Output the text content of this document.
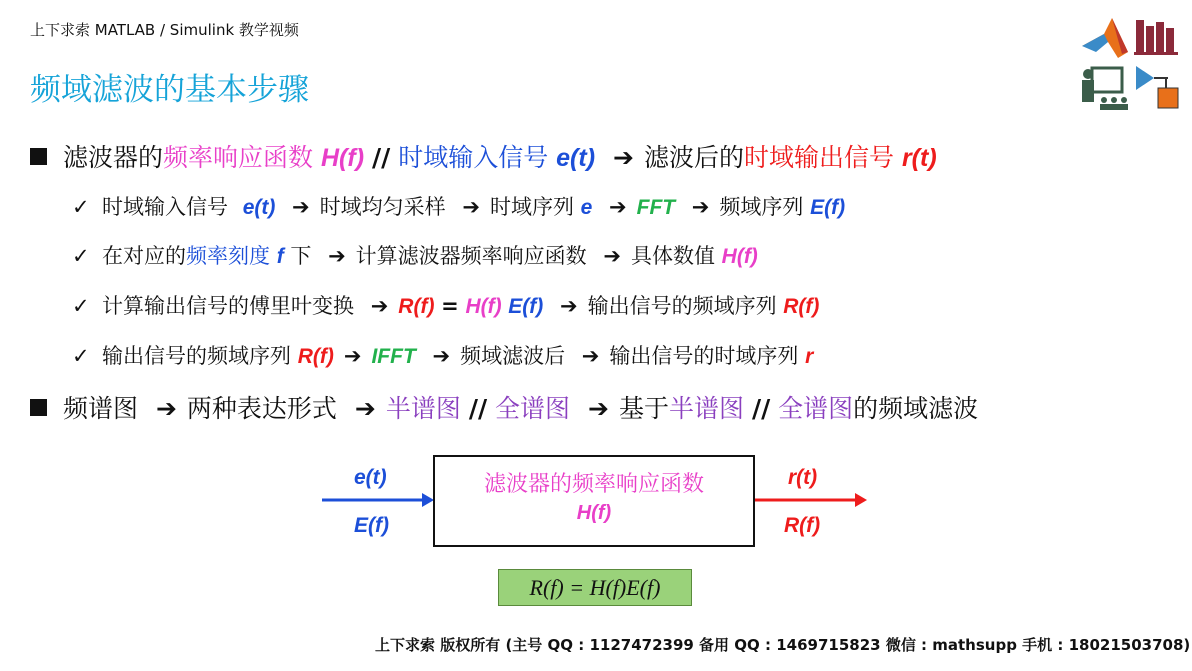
上下求索 MATLAB / Simulink 教学视频
频域滤波的基本步骤
滤波器的频率响应函数 H(f) // 时域输入信号 e(t) ➔ 滤波后的时域输出信号 r(t)
✓ 时域输入信号 e(t) ➔ 时域均匀采样 ➔ 时域序列 e ➔ FFT ➔ 频域序列 E(f)
✓ 在对应的频率刻度 f 下 ➔ 计算滤波器频率响应函数 ➔ 具体数值 H(f)
✓ 计算输出信号的傅里叶变换 ➔ R(f) = H(f) E(f) ➔ 输出信号的频域序列 R(f)
✓ 输出信号的频域序列 R(f) ➔ IFFT ➔ 频域滤波后 ➔ 输出信号的时域序列 r
频谱图 ➔ 两种表达形式 ➔ 半谱图 // 全谱图 ➔ 基于半谱图 // 全谱图的频域滤波
e(t)
E(f)
滤波器的频率响应函数
H(f)
r(t)
R(f)
R(f) = H(f)E(f)
上下求索 版权所有 (主号 QQ : 1127472399 备用 QQ : 1469715823 微信 : mathsupp 手机 : 18021503708)
